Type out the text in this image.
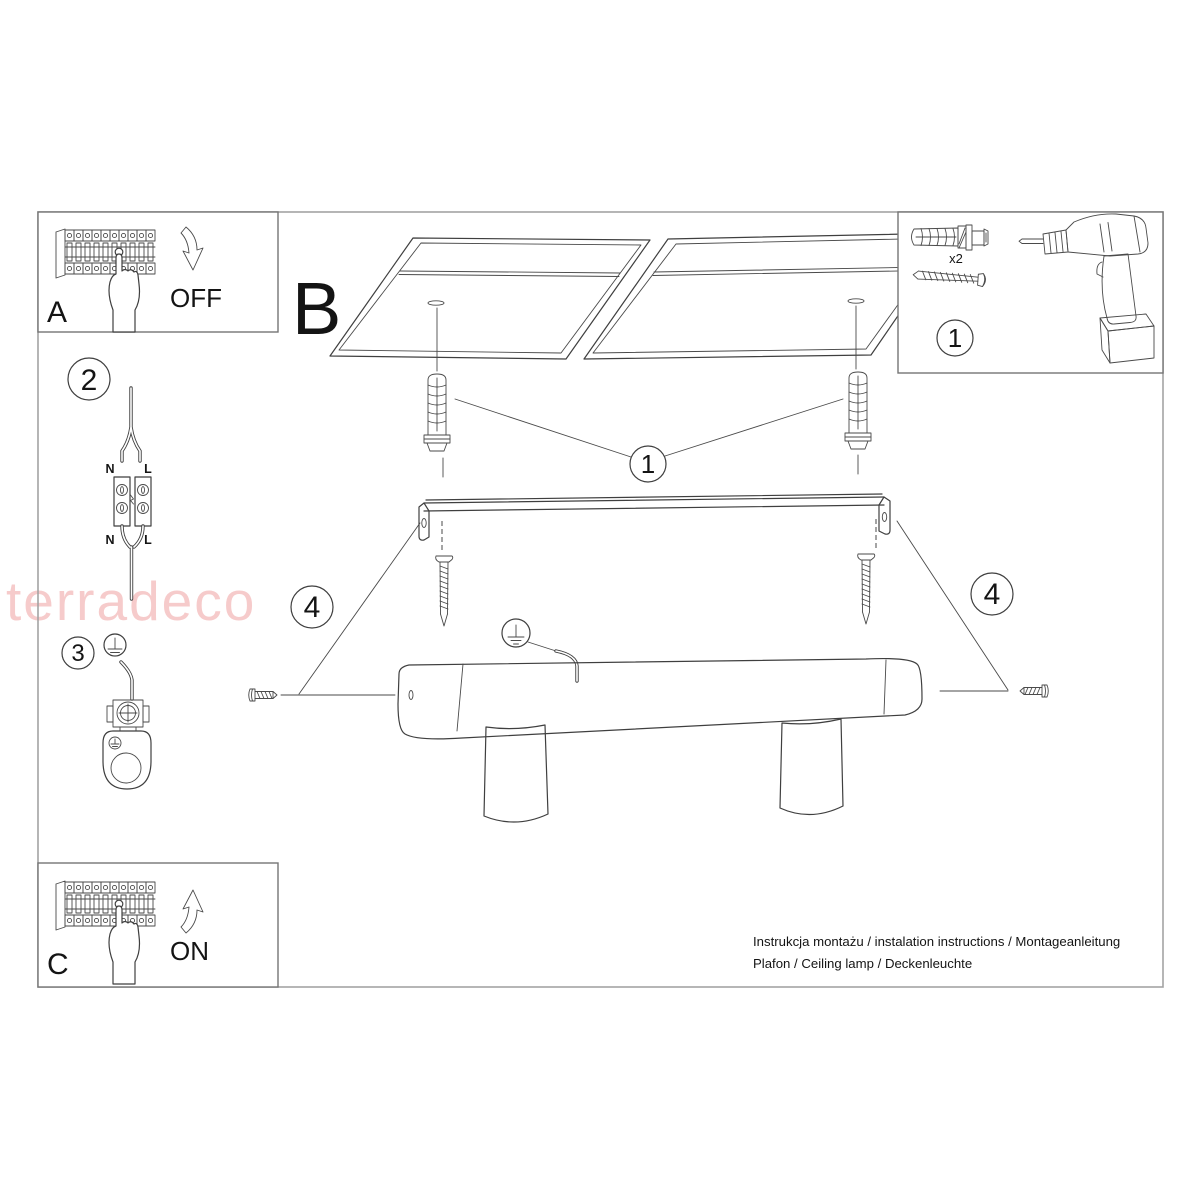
terradeco
x2
1
OFF
A	B
1
4	4
2
N L
N L
3
ON
C
Instrukcja montażu / instalation instructions / Montageanleitung
Plafon / Ceiling lamp / Deckenleuchte
